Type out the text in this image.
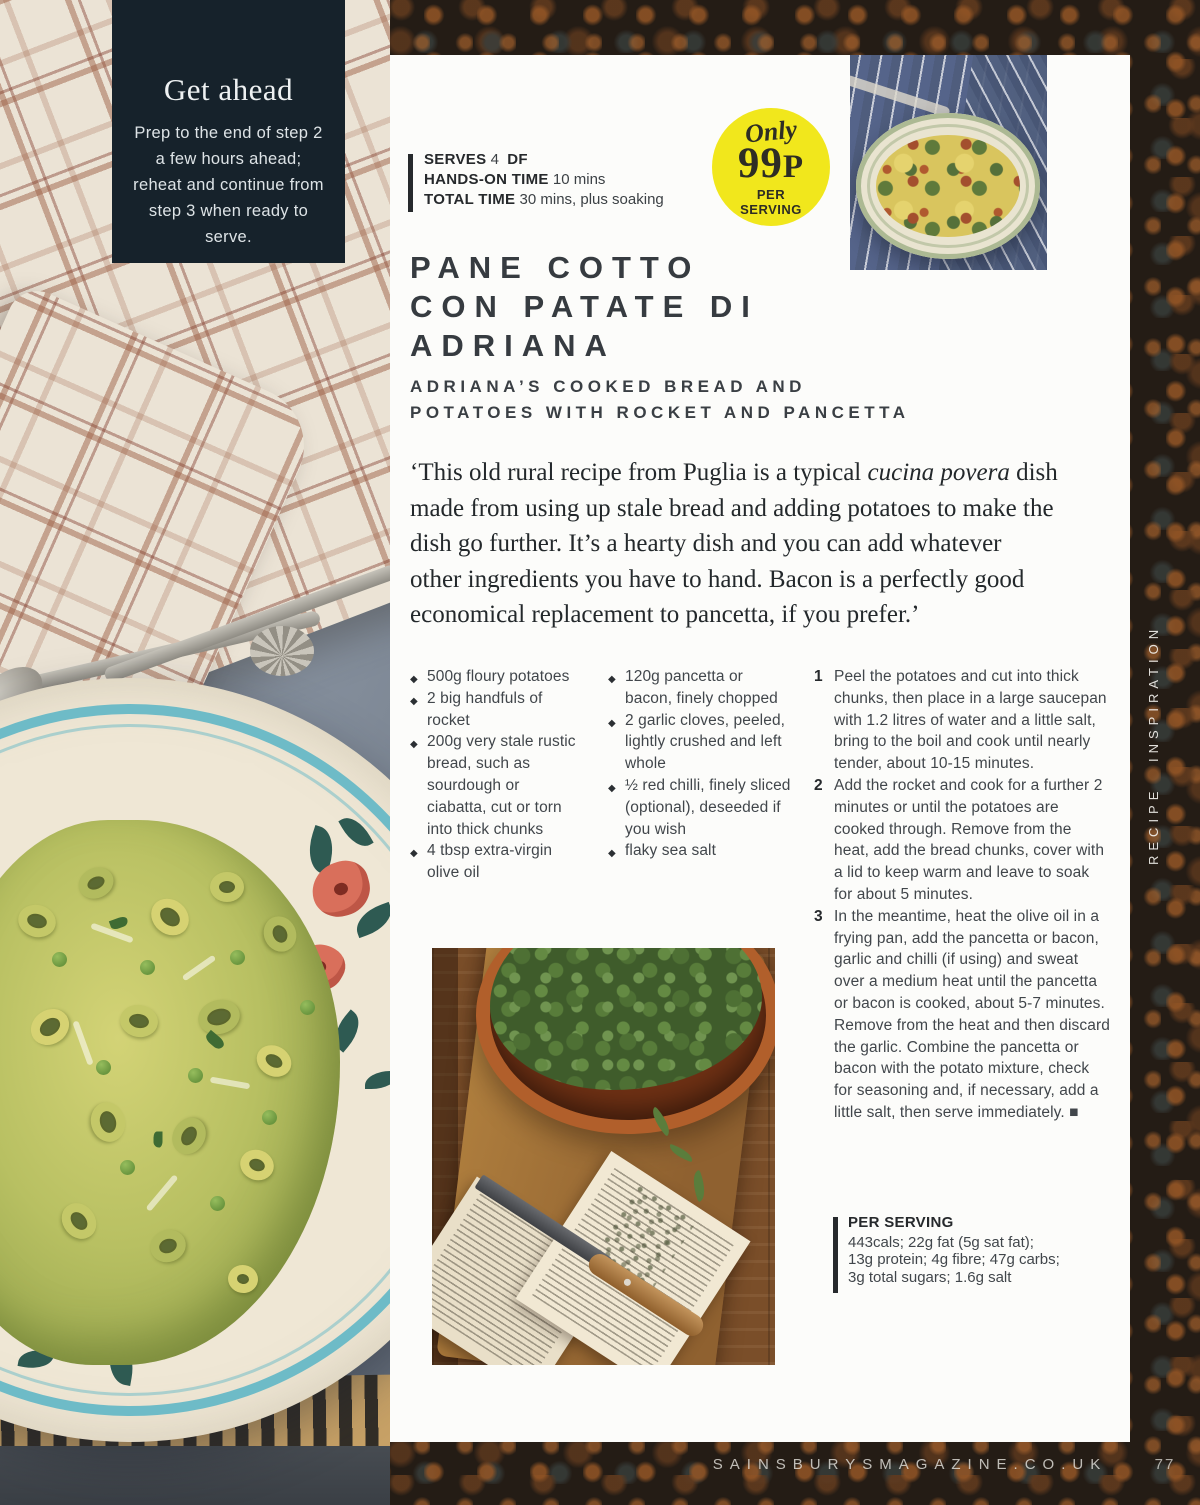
Get ahead
Prep to the end of step 2 a few hours ahead; reheat and continue from step 3 when ready to serve.
Only
99P
PER
SERVING
SERVES 4 DF
HANDS-ON TIME 10 mins
TOTAL TIME 30 mins, plus soaking
PANE COTTO
CON PATATE DI
ADRIANA
ADRIANA’S COOKED BREAD AND
POTATOES WITH ROCKET AND PANCETTA

‘This old rural recipe from Puglia is a typical cucina povera dish made from using up stale bread and adding potatoes to make the dish go further. It’s a hearty dish and you can add whatever other ingredients you have to hand. Bacon is a perfectly good economical replacement to pancetta, if you prefer.’

◆ 500g floury potatoes
◆ 2 big handfuls of rocket
◆ 200g very stale rustic bread, such as sourdough or ciabatta, cut or torn into thick chunks
◆ 4 tbsp extra-virgin olive oil
◆ 120g pancetta or bacon, finely chopped
◆ 2 garlic cloves, peeled, lightly crushed and left whole
◆ ½ red chilli, finely sliced (optional), deseeded if you wish
◆ flaky sea salt
1 Peel the potatoes and cut into thick chunks, then place in a large saucepan with 1.2 litres of water and a little salt, bring to the boil and cook until nearly tender, about 10-15 minutes.
2 Add the rocket and cook for a further 2 minutes or until the potatoes are cooked through. Remove from the heat, add the bread chunks, cover with a lid to keep warm and leave to soak for about 5 minutes.
3 In the meantime, heat the olive oil in a frying pan, add the pancetta or bacon, garlic and chilli (if using) and sweat over a medium heat until the pancetta or bacon is cooked, about 5-7 minutes. Remove from the heat and then discard the garlic. Combine the pancetta or bacon with the potato mixture, check for seasoning and, if necessary, add a little salt, then serve immediately. ■
PER SERVING
443cals; 22g fat (5g sat fat);
13g protein; 4g fibre; 47g carbs;
3g total sugars; 1.6g salt
RECIPE INSPIRATION
SAINSBURYSMAGAZINE.CO.UK	77
